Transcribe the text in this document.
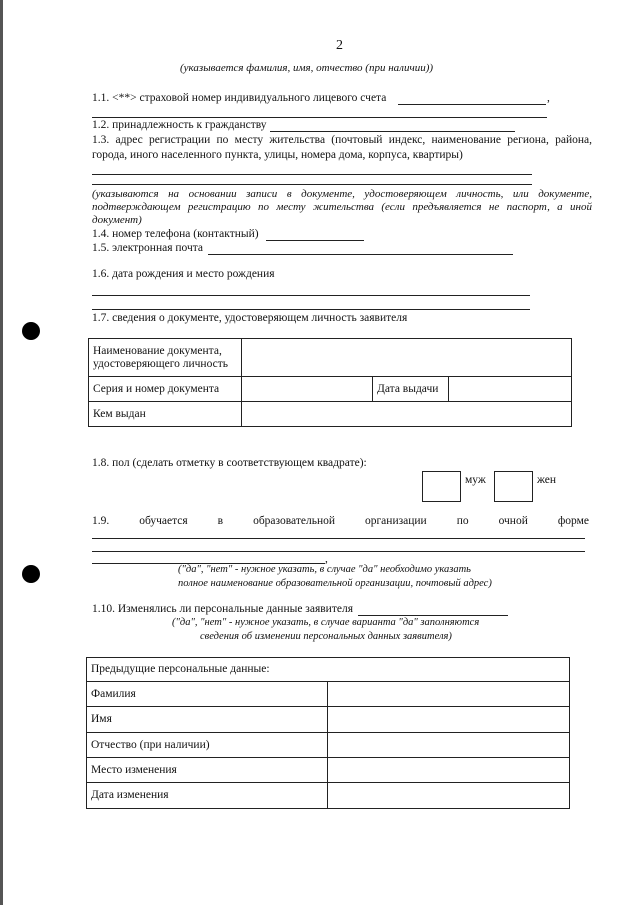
2
(указывается фамилия, имя, отчество (при наличии))
1.1. <**> страховой номер индивидуального лицевого счета	,
1.2. принадлежность к гражданству
1.3. адрес регистрации по месту жительства (почтовый индекс, наименование региона, района, города, иного населенного пункта, улицы, номера дома, корпуса, квартиры)
(указываются на основании записи в документе, удостоверяющем личность, или документе, подтверждающем регистрацию по месту жительства (если предъявляется не паспорт, а иной документ)
1.4. номер телефона (контактный)
1.5. электронная почта
1.6. дата рождения и место рождения
1.7. сведения о документе, удостоверяющем личность заявителя
Наименование документа, удостоверяющего личность			
Серия и номер документа		Дата выдачи	
Кем выдан			
1.8. пол (сделать отметку в соответствующем квадрате):
муж	жен
1.9.	обучается	в	образовательной	организации	по	очной	форме
,
("да", "нет" - нужное указать, в случае "да" необходимо указать
полное наименование образовательной организации, почтовый адрес)
1.10. Изменялись ли персональные данные заявителя
("да", "нет" - нужное указать, в случае варианта "да" заполняются
сведения об изменении персональных данных заявителя)
Предыдущие персональные данные:	
Фамилия	
Имя	
Отчество (при наличии)	
Место изменения	
Дата изменения	
